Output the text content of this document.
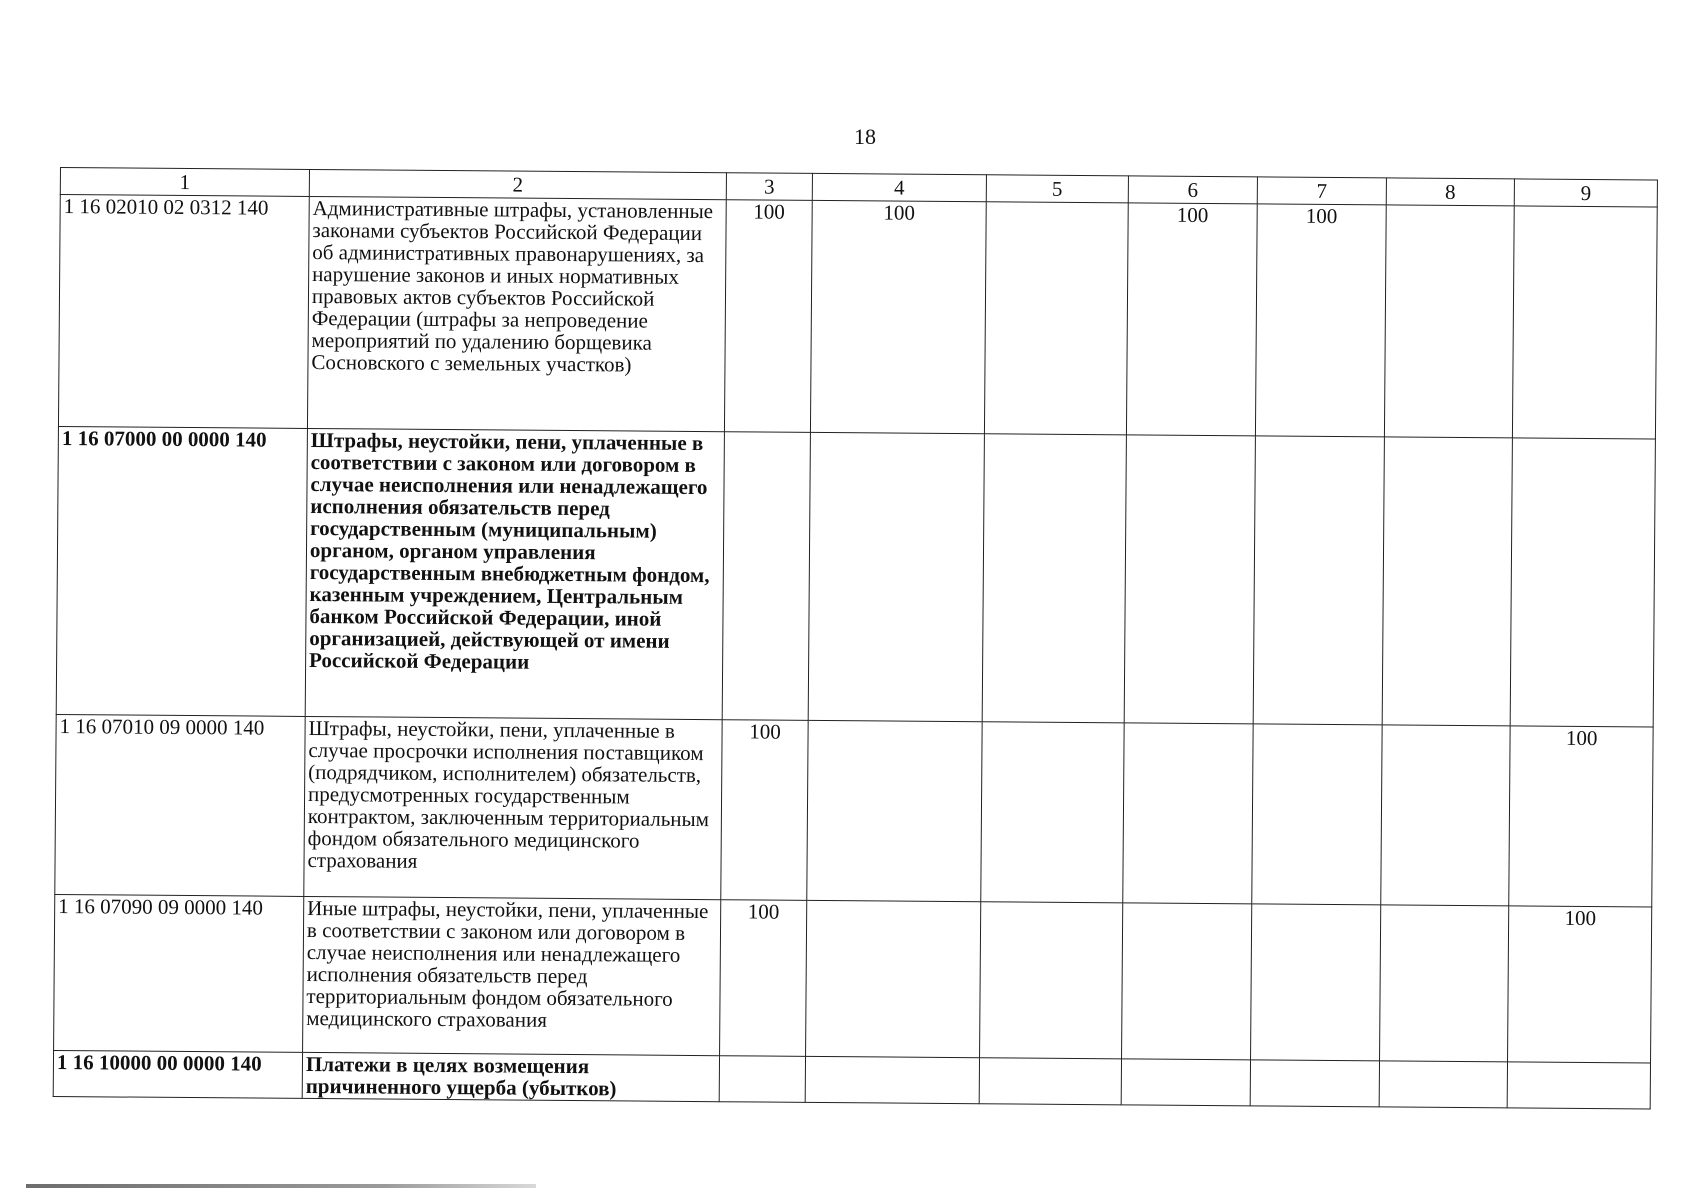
18
1	2	3	4	5	6	7	8	9
1 16 02010 02 0312 140	Административные штрафы, установленные законами субъектов Российской Федерации об административных правонарушениях, за нарушение законов и иных нормативных правовых актов субъектов Российской Федерации (штрафы за непроведение мероприятий по удалению борщевика Сосновского с земельных участков)	100	100		100	100		
1 16 07000 00 0000 140	Штрафы, неустойки, пени, уплаченные в соответствии с законом или договором в случае неисполнения или ненадлежащего исполнения обязательств перед государственным (муниципальным) органом, органом управления государственным внебюджетным фондом, казенным учреждением, Центральным банком Российской Федерации, иной организацией, действующей от имени Российской Федерации							
1 16 07010 09 0000 140	Штрафы, неустойки, пени, уплаченные в случае просрочки исполнения поставщиком (подрядчиком, исполнителем) обязательств, предусмотренных государственным контрактом, заключенным территориальным фондом обязательного медицинского страхования	100						100
1 16 07090 09 0000 140	Иные штрафы, неустойки, пени, уплаченные в соответствии с законом или договором в случае неисполнения или ненадлежащего исполнения обязательств перед территориальным фондом обязательного медицинского страхования	100						100
1 16 10000 00 0000 140	Платежи в целях возмещения причиненного ущерба (убытков)							
